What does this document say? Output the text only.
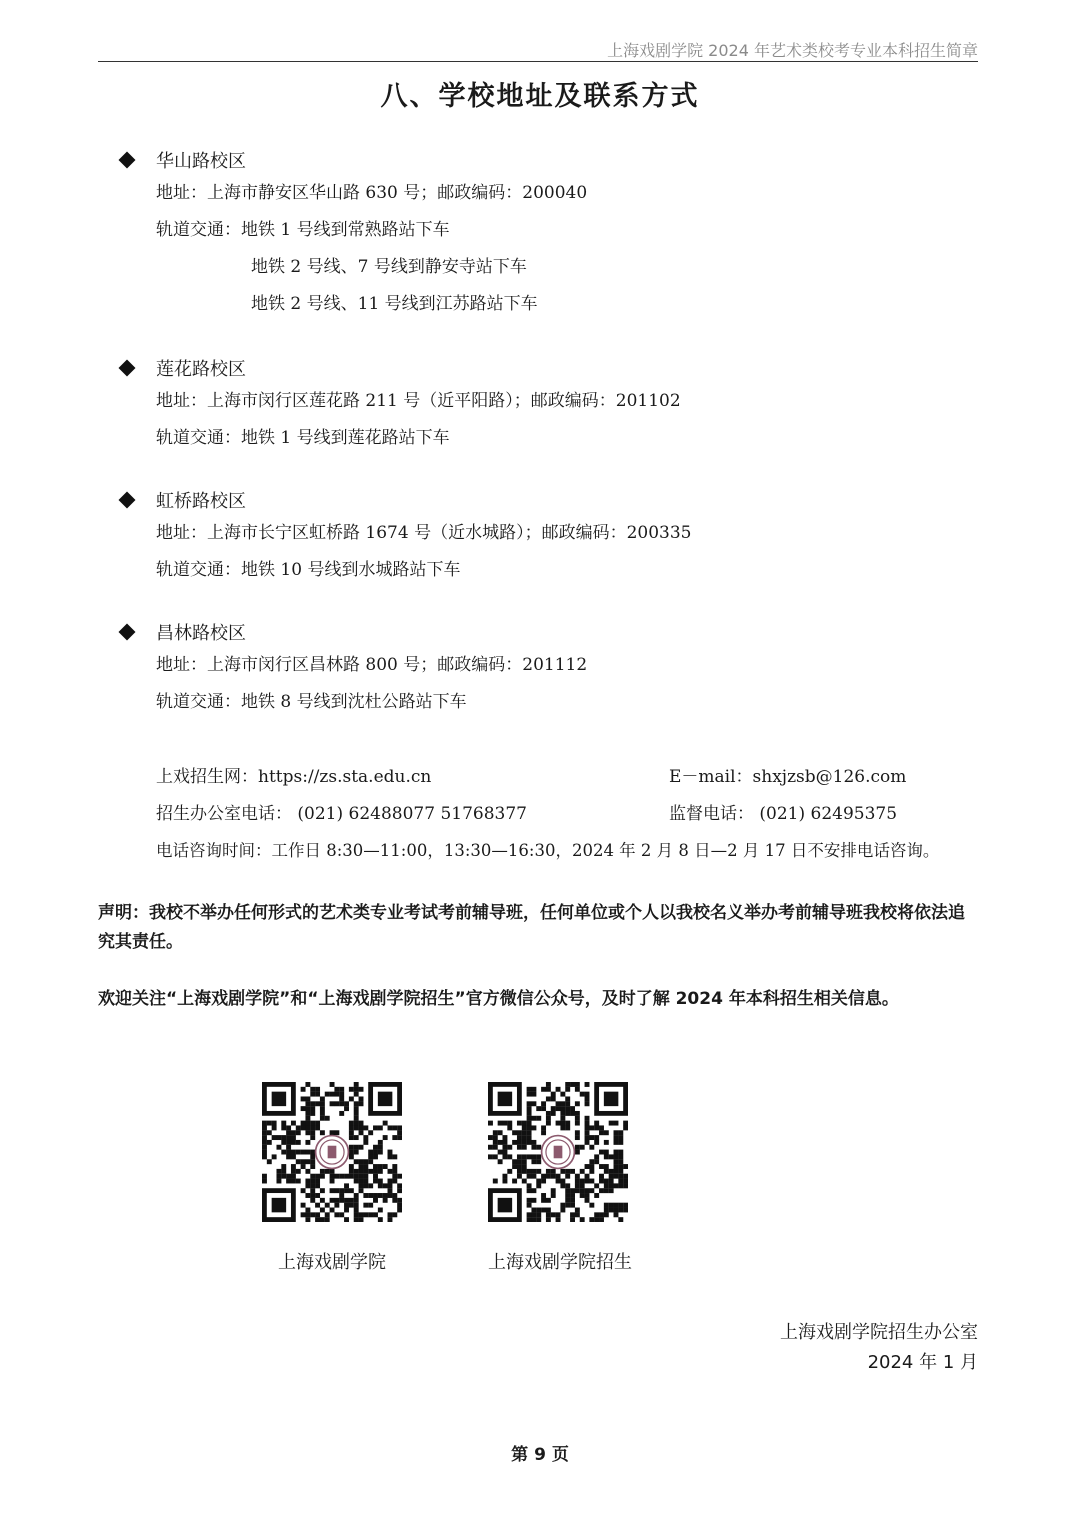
上海戏剧学院 2024 年艺术类校考专业本科招生简章
八、学校地址及联系方式
华山路校区
地址：上海市静安区华山路 630 号；邮政编码：200040
轨道交通：地铁 1 号线到常熟路站下车
地铁 2 号线、7 号线到静安寺站下车
地铁 2 号线、11 号线到江苏路站下车
莲花路校区
地址：上海市闵行区莲花路 211 号（近平阳路）；邮政编码：201102
轨道交通：地铁 1 号线到莲花路站下车
虹桥路校区
地址：上海市长宁区虹桥路 1674 号（近水城路）；邮政编码：200335
轨道交通：地铁 10 号线到水城路站下车
昌林路校区
地址：上海市闵行区昌林路 800 号；邮政编码：201112
轨道交通：地铁 8 号线到沈杜公路站下车
上戏招生网：https://zs.sta.edu.cn	E－mail：shxjzsb@126.com
招生办公室电话： (021) 62488077 51768377	监督电话： (021) 62495375
电话咨询时间：工作日 8:30—11:00，13:30—16:30，2024 年 2 月 8 日—2 月 17 日不安排电话咨询。
声明：我校不举办任何形式的艺术类专业考试考前辅导班，任何单位或个人以我校名义举办考前辅导班我校将依法追究其责任。
欢迎关注“上海戏剧学院”和“上海戏剧学院招生”官方微信公众号，及时了解 2024 年本科招生相关信息。
上海戏剧学院	上海戏剧学院招生
上海戏剧学院招生办公室
2024 年 1 月
第 9 页
